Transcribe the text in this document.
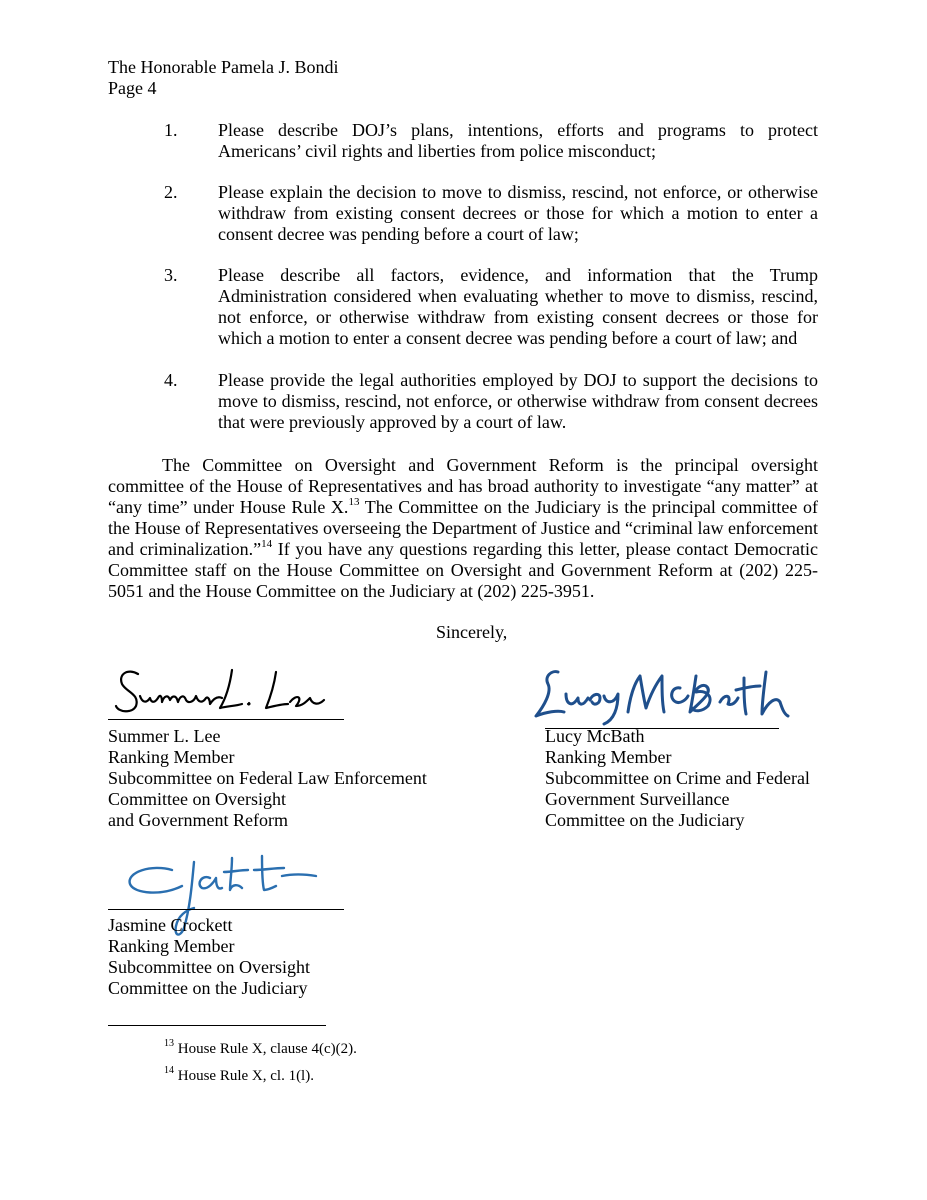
The Honorable Pamela J. Bondi
Page 4
1. Please describe DOJ’s plans, intentions, efforts and programs to protect Americans’ civil rights and liberties from police misconduct;
2. Please explain the decision to move to dismiss, rescind, not enforce, or otherwise withdraw from existing consent decrees or those for which a motion to enter a consent decree was pending before a court of law;
3. Please describe all factors, evidence, and information that the Trump Administration considered when evaluating whether to move to dismiss, rescind, not enforce, or otherwise withdraw from existing consent decrees or those for which a motion to enter a consent decree was pending before a court of law; and
4. Please provide the legal authorities employed by DOJ to support the decisions to move to dismiss, rescind, not enforce, or otherwise withdraw from consent decrees that were previously approved by a court of law.
The Committee on Oversight and Government Reform is the principal oversight committee of the House of Representatives and has broad authority to investigate “any matter” at “any time” under House Rule X.$^{13}$ The Committee on the Judiciary is the principal committee of the House of Representatives overseeing the Department of Justice and “criminal law enforcement and criminalization.”$^{14}$ If you have any questions regarding this letter, please contact Democratic Committee staff on the House Committee on Oversight and Government Reform at (202) 225-5051 and the House Committee on the Judiciary at (202) 225-3951.
Sincerely,
Summer L. Lee
Ranking Member
Subcommittee on Federal Law Enforcement
Committee on Oversight
and Government Reform
Lucy McBath
Ranking Member
Subcommittee on Crime and Federal
Government Surveillance
Committee on the Judiciary
Jasmine Crockett
Ranking Member
Subcommittee on Oversight
Committee on the Judiciary
$^{13}$ House Rule X, clause 4(c)(2).
$^{14}$ House Rule X, cl. 1(l).
